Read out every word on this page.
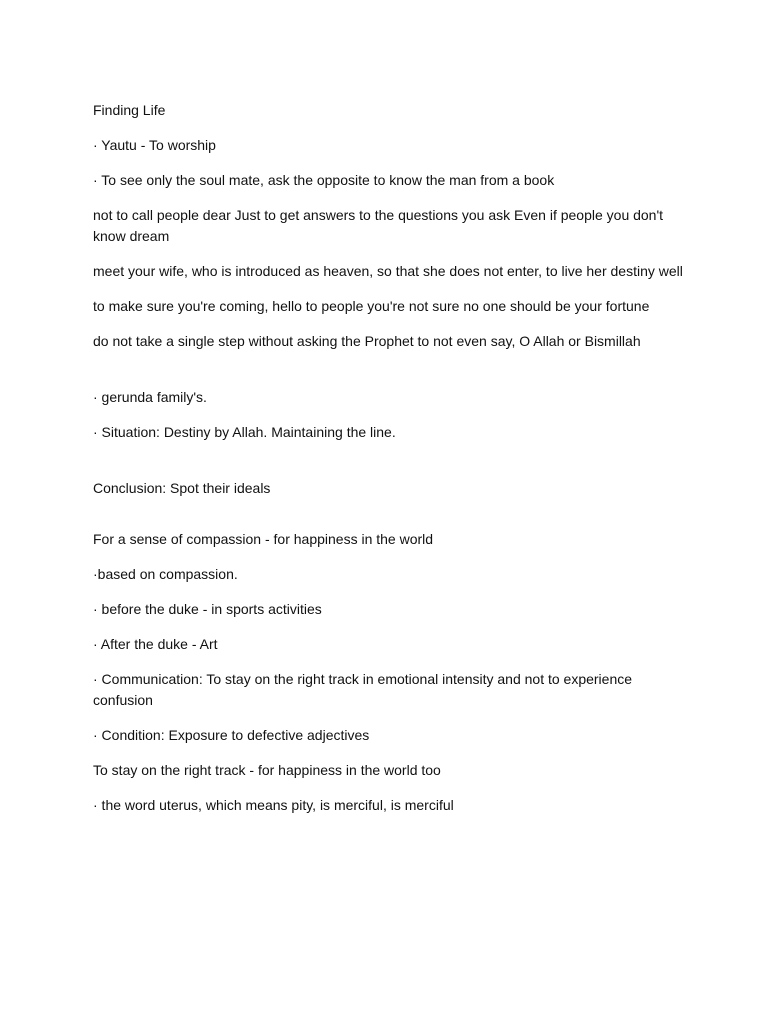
Finding Life

· Yautu - To worship

· To see only the soul mate, ask the opposite to know the man from a book

not to call people dear Just to get answers to the questions you ask Even if people you don't know dream

meet your wife, who is introduced as heaven, so that she does not enter, to live her destiny well

to make sure you're coming, hello to people you're not sure no one should be your fortune

do not take a single step without asking the Prophet to not even say, O Allah or Bismillah

· gerunda family's.

· Situation: Destiny by Allah. Maintaining the line.

Conclusion: Spot their ideals

For a sense of compassion - for happiness in the world

·based on compassion.

· before the duke - in sports activities

· After the duke - Art

· Communication: To stay on the right track in emotional intensity and not to experience confusion

· Condition: Exposure to defective adjectives

To stay on the right track - for happiness in the world too

· the word uterus, which means pity, is merciful, is merciful
